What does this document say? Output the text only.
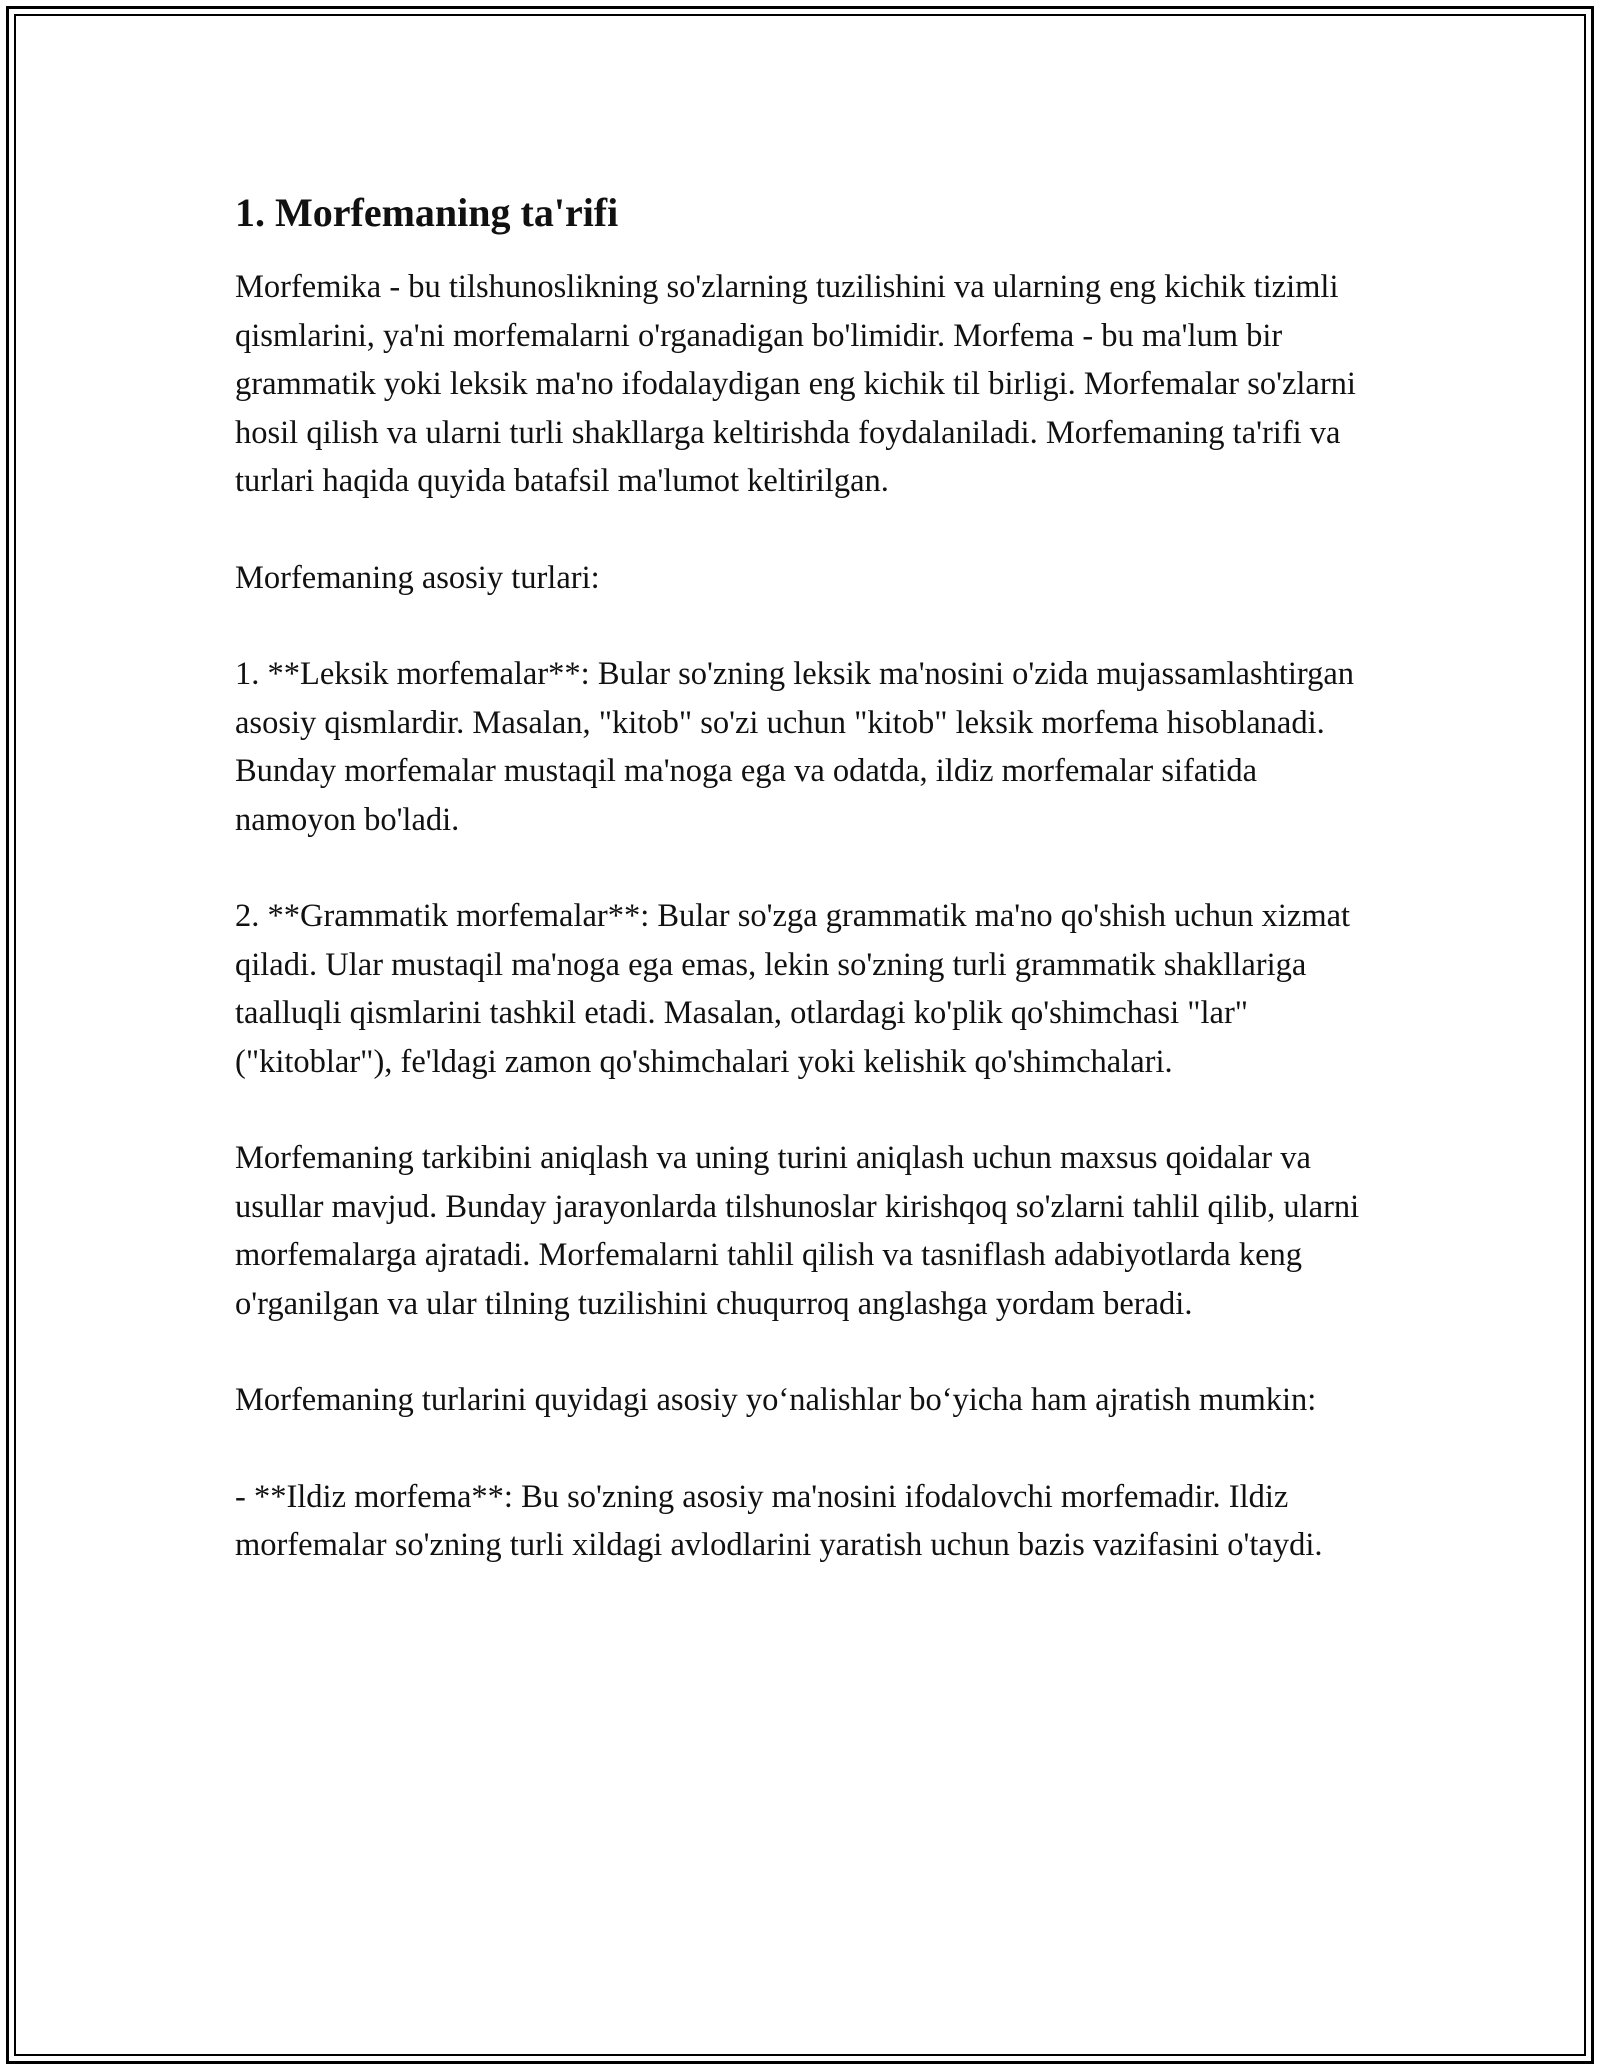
1. Morfemaning ta'rifi

Morfemika - bu tilshunoslikning so'zlarning tuzilishini va ularning eng kichik tizimli qismlarini, ya'ni morfemalarni o'rganadigan bo'limidir. Morfema - bu ma'lum bir grammatik yoki leksik ma'no ifodalaydigan eng kichik til birligi. Morfemalar so'zlarni hosil qilish va ularni turli shakllarga keltirishda foydalaniladi. Morfemaning ta'rifi va turlari haqida quyida batafsil ma'lumot keltirilgan.

Morfemaning asosiy turlari:

1. **Leksik morfemalar**: Bular so'zning leksik ma'nosini o'zida mujassamlashtirgan asosiy qismlardir. Masalan, "kitob" so'zi uchun "kitob" leksik morfema hisoblanadi. Bunday morfemalar mustaqil ma'noga ega va odatda, ildiz morfemalar sifatida namoyon bo'ladi.

2. **Grammatik morfemalar**: Bular so'zga grammatik ma'no qo'shish uchun xizmat qiladi. Ular mustaqil ma'noga ega emas, lekin so'zning turli grammatik shakllariga taalluqli qismlarini tashkil etadi. Masalan, otlardagi ko'plik qo'shimchasi "lar" ("kitoblar"), fe'ldagi zamon qo'shimchalari yoki kelishik qo'shimchalari.

Morfemaning tarkibini aniqlash va uning turini aniqlash uchun maxsus qoidalar va usullar mavjud. Bunday jarayonlarda tilshunoslar kirishqoq so'zlarni tahlil qilib, ularni morfemalarga ajratadi. Morfemalarni tahlil qilish va tasniflash adabiyotlarda keng o'rganilgan va ular tilning tuzilishini chuqurroq anglashga yordam beradi.

Morfemaning turlarini quyidagi asosiy yo‘nalishlar bo‘yicha ham ajratish mumkin:

- **Ildiz morfema**: Bu so'zning asosiy ma'nosini ifodalovchi morfemadir. Ildiz morfemalar so'zning turli xildagi avlodlarini yaratish uchun bazis vazifasini o'taydi.
